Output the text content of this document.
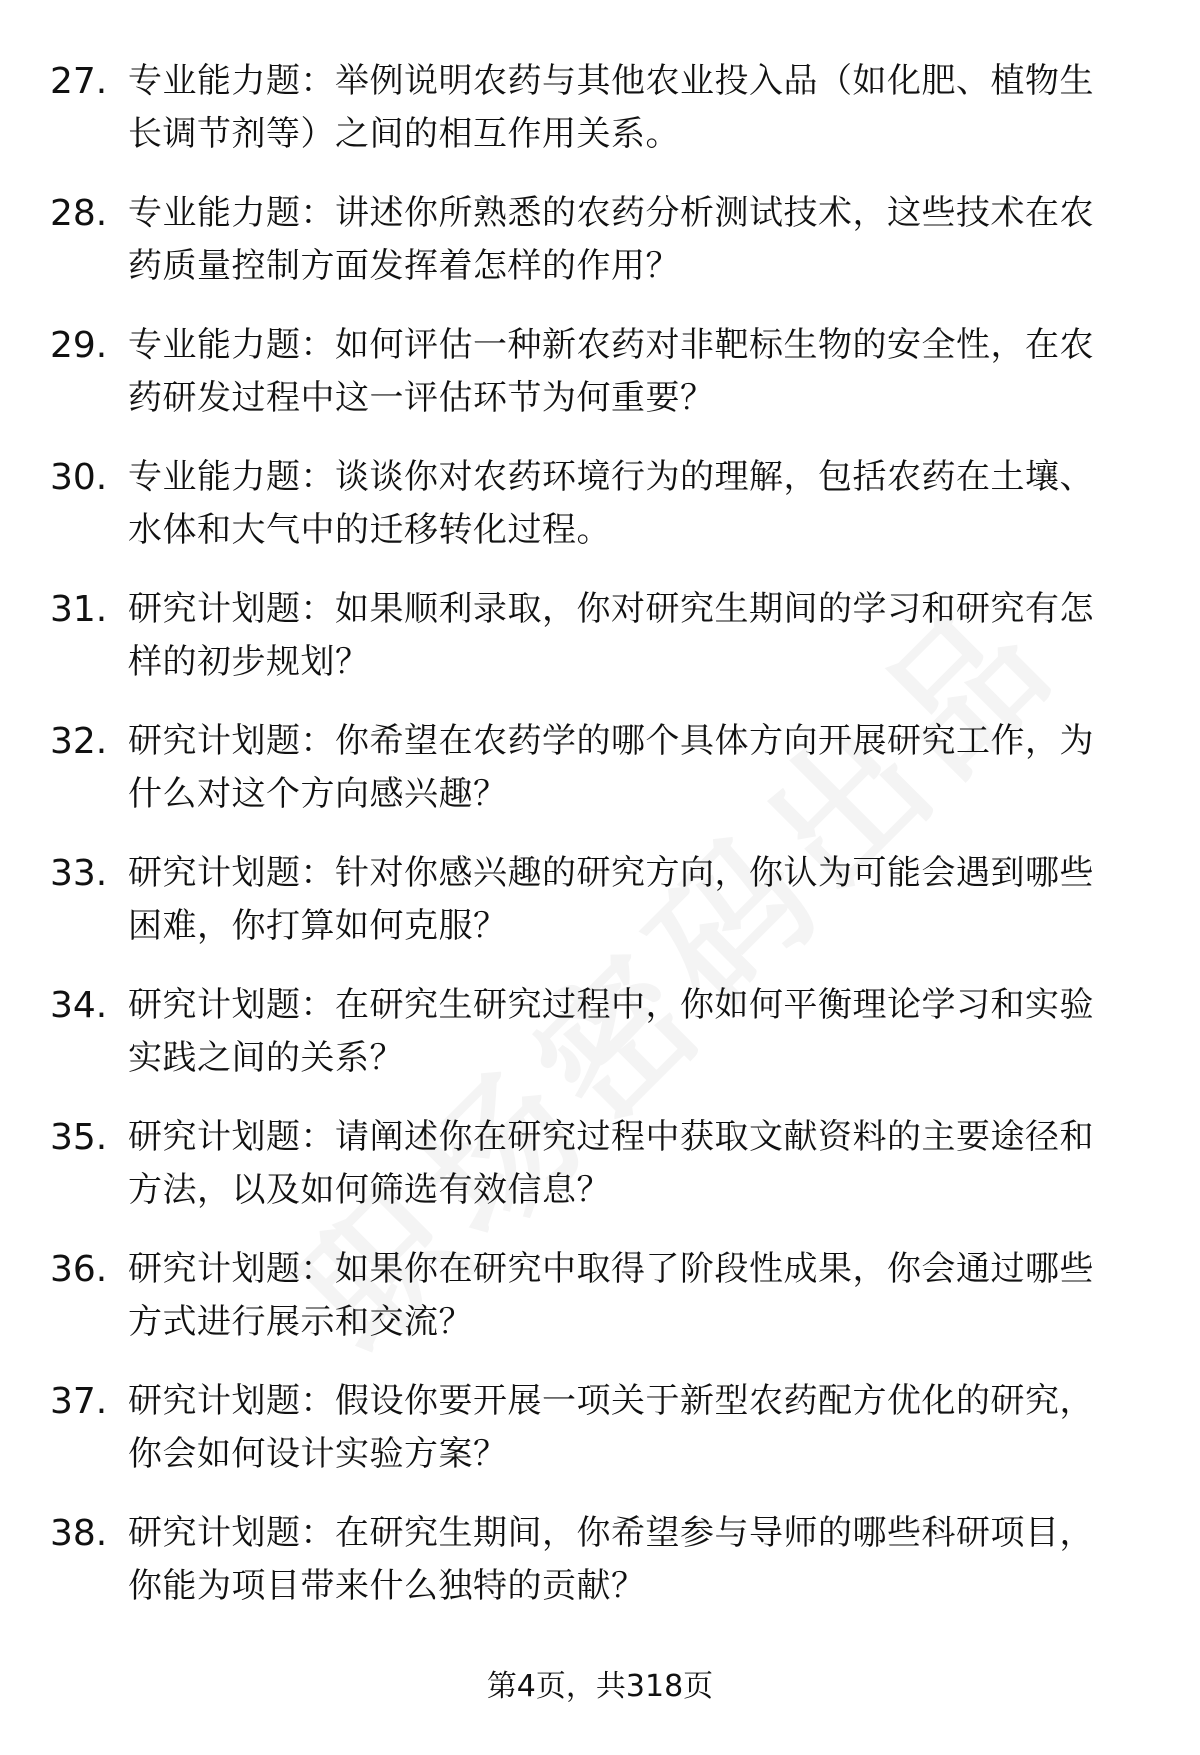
27. 专业能力题：举例说明农药与其他农业投入品（如化肥、植物生
长调节剂等）之间的相互作用关系。
28. 专业能力题：讲述你所熟悉的农药分析测试技术，这些技术在农
药质量控制方面发挥着怎样的作用？
29. 专业能力题：如何评估一种新农药对非靶标生物的安全性，在农
药研发过程中这一评估环节为何重要？
30. 专业能力题：谈谈你对农药环境行为的理解，包括农药在土壤、
水体和大气中的迁移转化过程。
31. 研究计划题：如果顺利录取，你对研究生期间的学习和研究有怎
样的初步规划？
32. 研究计划题：你希望在农药学的哪个具体方向开展研究工作，为
什么对这个方向感兴趣？
33. 研究计划题：针对你感兴趣的研究方向，你认为可能会遇到哪些
困难，你打算如何克服？
34. 研究计划题：在研究生研究过程中，你如何平衡理论学习和实验
实践之间的关系？
35. 研究计划题：请阐述你在研究过程中获取文献资料的主要途径和
方法，以及如何筛选有效信息？
36. 研究计划题：如果你在研究中取得了阶段性成果，你会通过哪些
方式进行展示和交流？
37. 研究计划题：假设你要开展一项关于新型农药配方优化的研究，
你会如何设计实验方案？
38. 研究计划题：在研究生期间，你希望参与导师的哪些科研项目，
你能为项目带来什么独特的贡献？
第4页，共318页
